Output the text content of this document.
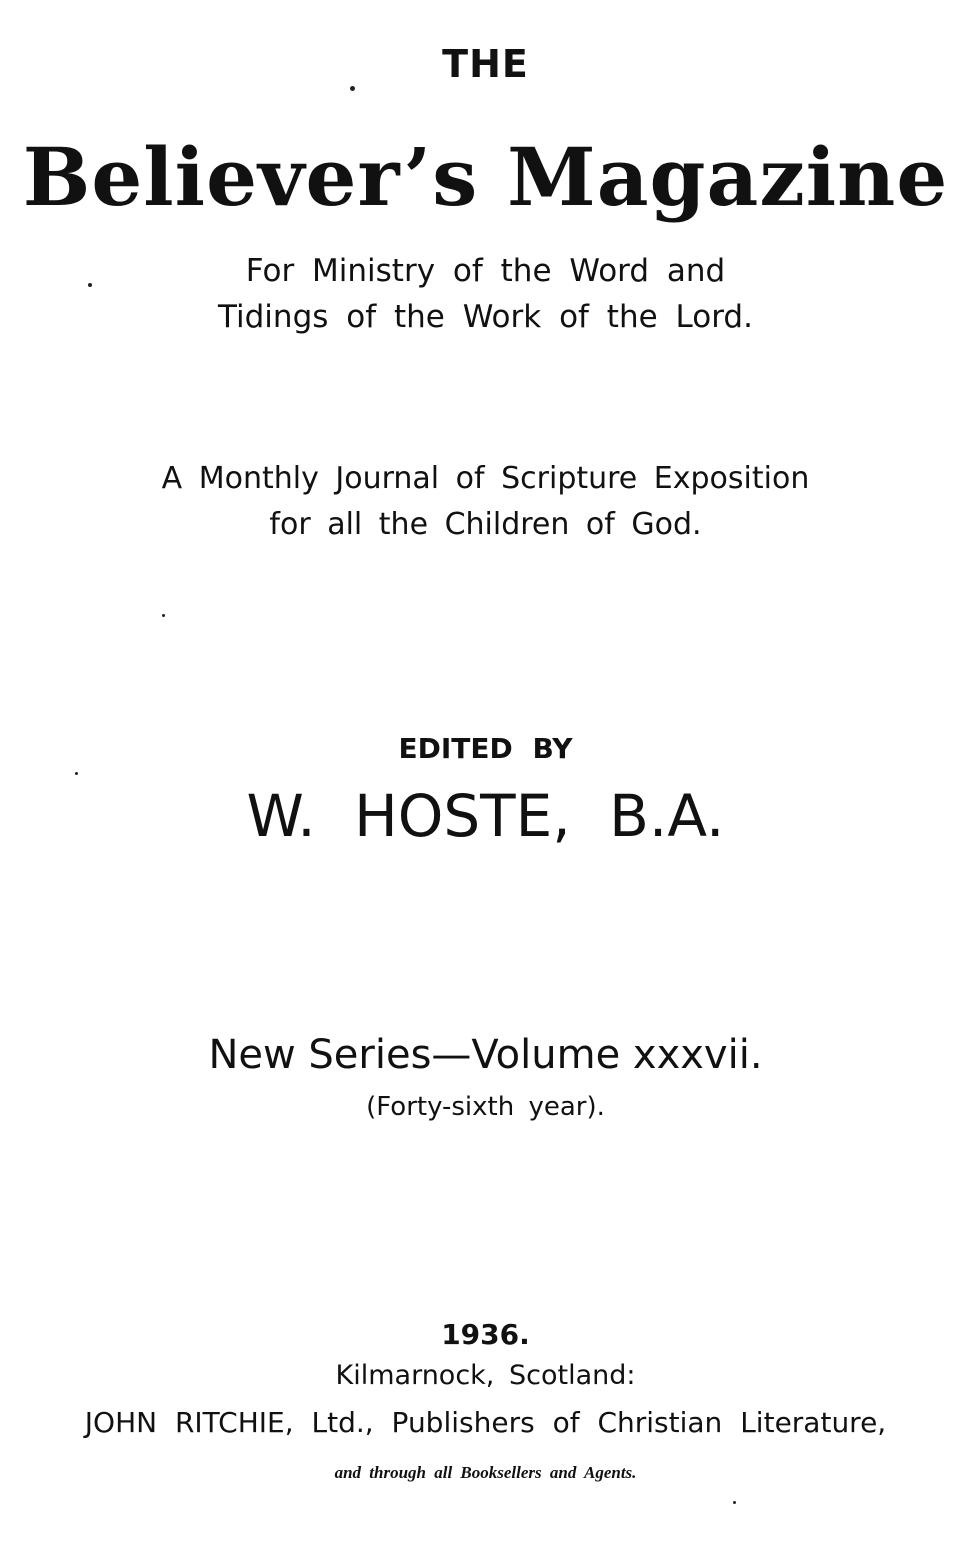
THE
Believer’s Magazine
For Ministry of the Word and
Tidings of the Work of the Lord.
A Monthly Journal of Scripture Exposition
for all the Children of God.
EDITED BY
W. HOSTE, B.A.
New Series—Volume xxxvii.
(Forty-sixth year).
1936.
Kilmarnock, Scotland:
JOHN RITCHIE, Ltd., Publishers of Christian Literature,
and through all Booksellers and Agents.
